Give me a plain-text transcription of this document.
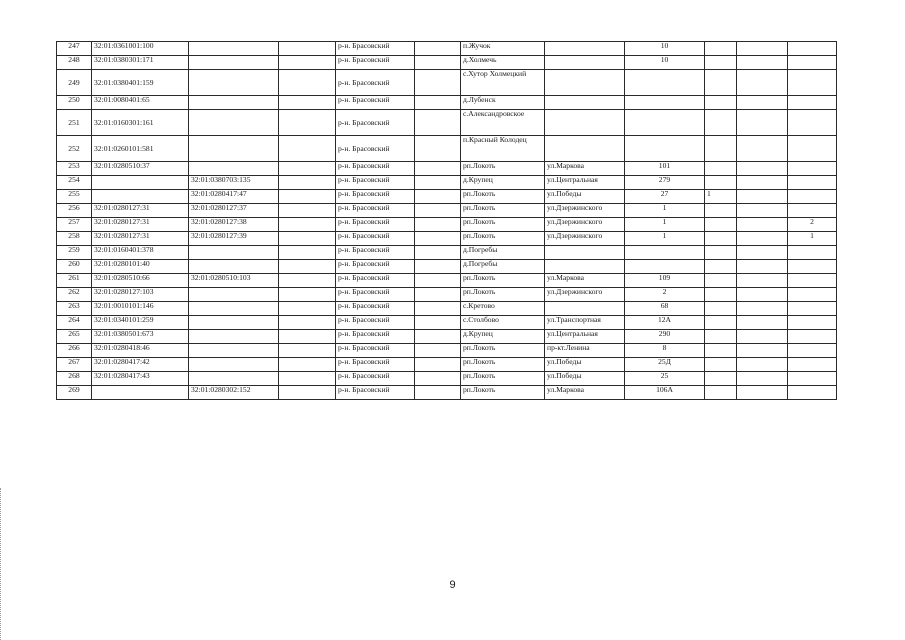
247	32:01:0361001:100			р-н. Брасовский		п.Жучок		10			
248	32:01:0380301:171			р-н. Брасовский		д.Холмечь		10			
249	32:01:0380401:159			р-н. Брасовский		с.Хутор Холмецкий					
250	32:01:0080401:65			р-н. Брасовский		д.Лубенск					
251	32:01:0160301:161			р-н. Брасовский		с.Александровское					
252	32:01:0260101:581			р-н. Брасовский		п.Красный Колодец					
253	32:01:0280510:37			р-н. Брасовский		рп.Локоть	ул.Маркова	101			
254		32:01:0380703:135		р-н. Брасовский		д.Крупец	ул.Центральная	279			
255		32:01:0280417:47		р-н. Брасовский		рп.Локоть	ул.Победы	27	1		
256	32:01:0280127:31	32:01:0280127:37		р-н. Брасовский		рп.Локоть	ул.Дзержинского	1			
257	32:01:0280127:31	32:01:0280127:38		р-н. Брасовский		рп.Локоть	ул.Дзержинского	1			2
258	32:01:0280127:31	32:01:0280127:39		р-н. Брасовский		рп.Локоть	ул.Дзержинского	1			1
259	32:01:0160401:378			р-н. Брасовский		д.Погребы					
260	32:01:0280101:40			р-н. Брасовский		д.Погребы					
261	32:01:0280510:66	32:01:0280510:103		р-н. Брасовский		рп.Локоть	ул.Маркова	109			
262	32:01:0280127:103			р-н. Брасовский		рп.Локоть	ул.Дзержинского	2			
263	32:01:0010101:146			р-н. Брасовский		с.Кретово		68			
264	32:01:0340101:259			р-н. Брасовский		с.Столбово	ул.Транспортная	12А			
265	32:01:0380501:673			р-н. Брасовский		д.Крупец	ул.Центральная	290			
266	32:01:0280418:46			р-н. Брасовский		рп.Локоть	пр-кт.Ленина	8			
267	32:01:0280417:42			р-н. Брасовский		рп.Локоть	ул.Победы	25Д			
268	32:01:0280417:43			р-н. Брасовский		рп.Локоть	ул.Победы	25			
269		32:01:0280302:152		р-н. Брасовский		рп.Локоть	ул.Маркова	106А			
9
